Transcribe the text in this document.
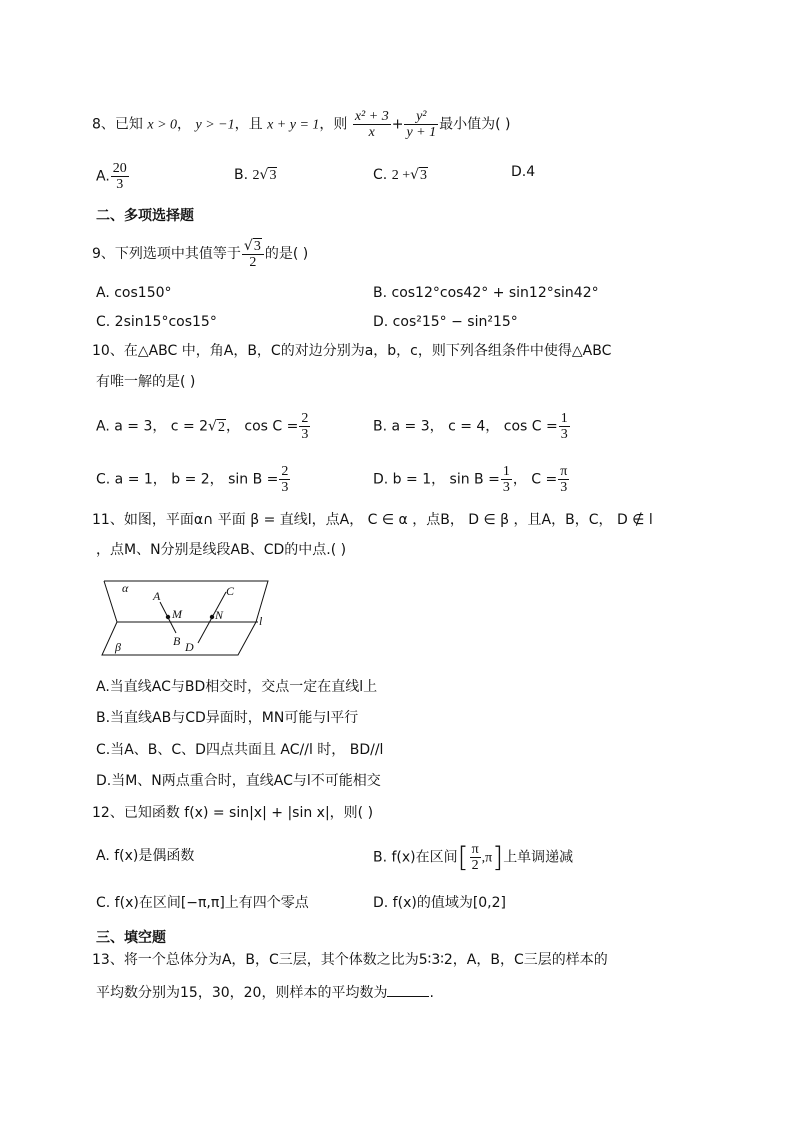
8、已知 x > 0， y > −1，且 x + y = 1，则 $\frac{\text{x² + 3}}{x} + \frac{\text{y²}}{y + 1}$ 最小值为( )
A. $\frac{20}{3}$	B. 2√3	C. 2 +√3	D.4
二、多项选择题
9、下列选项中其值等于 $\frac{√3}{2}$ 的是( )
A. cos150°	B. cos12°cos42° + sin12°sin42°
C. 2sin15°cos15°	D. cos²15° − sin²15°
10、在△ABC 中，角A，B，C的对边分别为a，b，c，则下列各组条件中使得△ABC
有唯一解的是( )
A. a = 3， c = 2√2， $\cos C = \frac{2}{3}$	B. a = 3， c = 4， $\cos C = \frac{1}{3}$
C. a = 1， b = 2， $\sin B = \frac{2}{3}$	D. b = 1， $\sin B = \frac{1}{3}$ ， $C = \frac{\pi}{3}$
11、如图，平面α∩ 平面 β = 直线l，点A， C ∈ α ，点B， D ∈ β ，且A，B，C， D ∉ l
，点M、N分别是线段AB、CD的中点.( )
α
A
M
B
C
N
D
β
l
A.当直线AC与BD相交时，交点一定在直线l上
B.当直线AB与CD异面时，MN可能与l平行
C.当A、B、C、D四点共面且 AC//l 时， BD//l
D.当M、N两点重合时，直线AC与l不可能相交
12、已知函数 f(x) = sin|x| + |sin x|，则( )
A. f(x)是偶函数	B. f(x)在区间[ $\frac{\pi}{2} ,\pi$]上单调递减
C. f(x)在区间[−π,π]上有四个零点	D. f(x)的值域为[0,2]
三、填空题
13、将一个总体分为A，B，C三层，其个体数之比为5∶3∶2，A，B，C三层的样本的
平均数分别为15，30，20，则样本的平均数为	.
